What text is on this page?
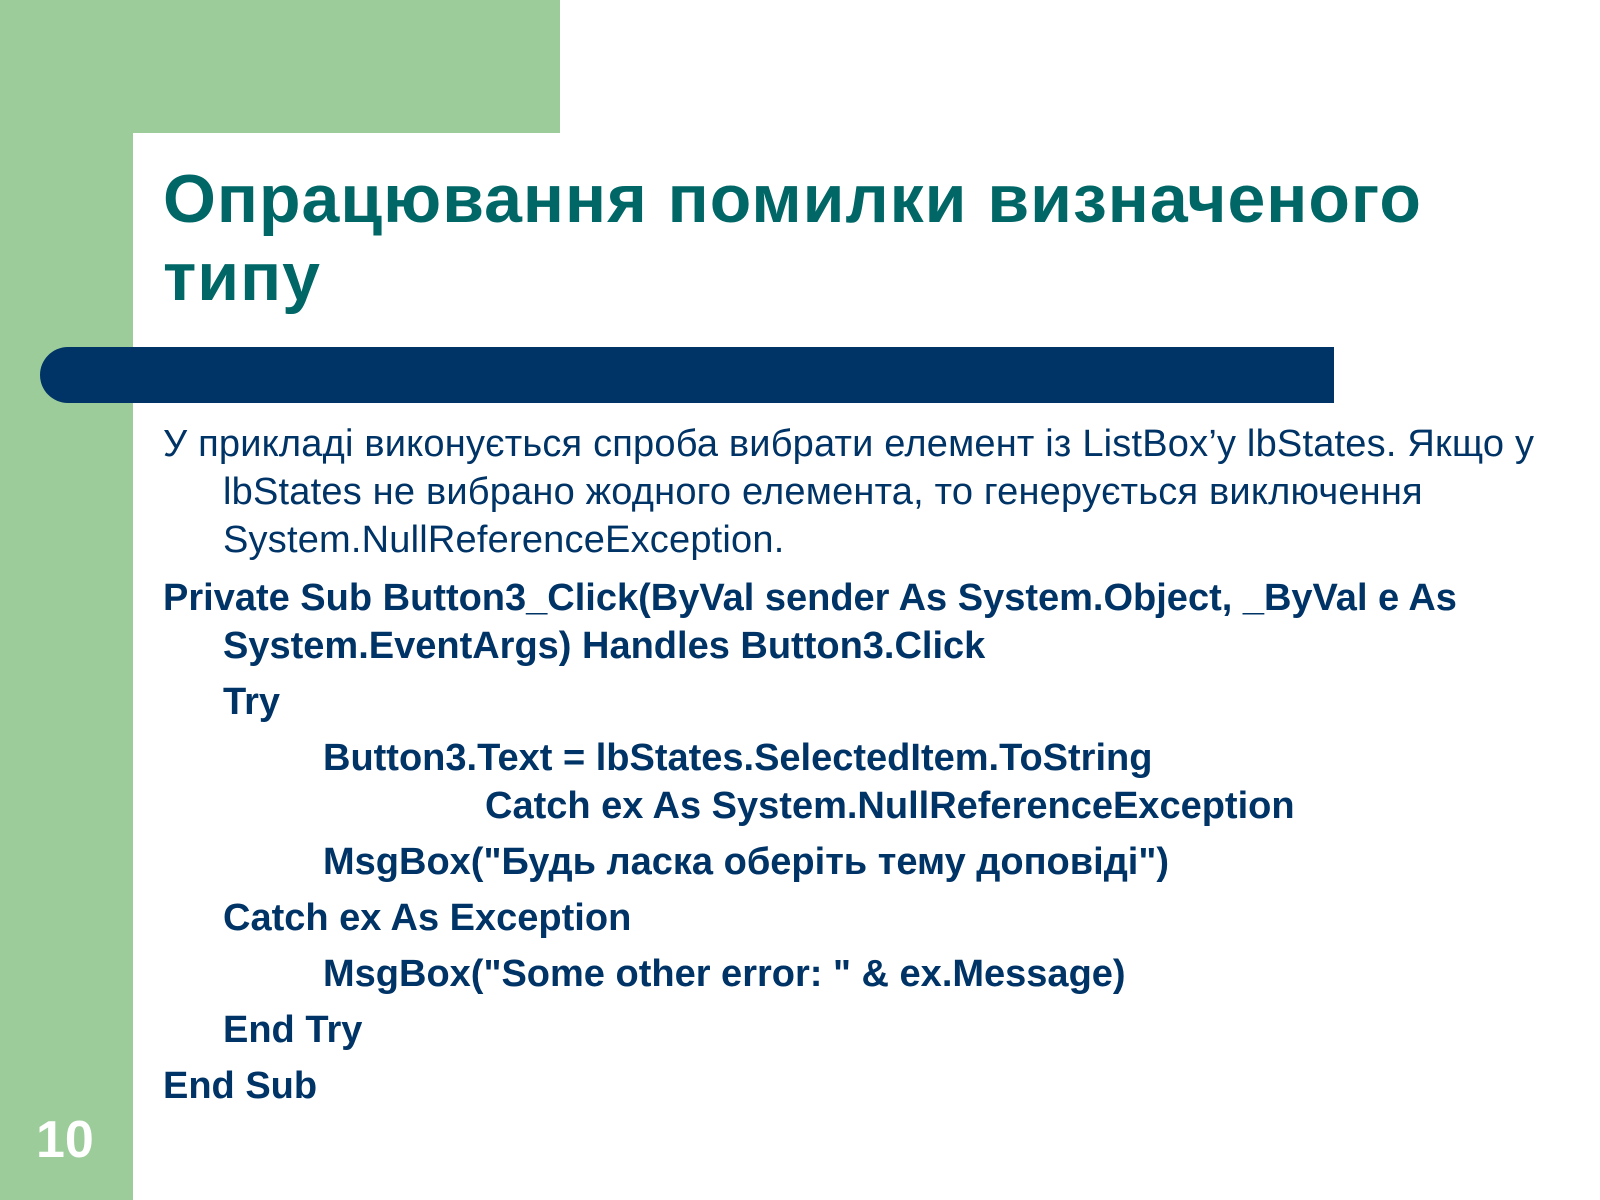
Опрацювання помилки визначеного типу

У прикладі виконується спроба вибрати елемент із ListBox’y lbStates. Якщо у lbStates не вибрано жодного елемента, то генерується виключення System.NullReferenceException.

Private Sub Button3_Click(ByVal sender As System.Object, _ByVal e As System.EventArgs) Handles Button3.Click
Try
Button3.Text = lbStates.SelectedItem.ToString
Catch ex As System.NullReferenceException
MsgBox("Будь ласка оберіть тему доповіді")
Catch ex As Exception
MsgBox("Some other error: " & ex.Message)
End Try
End Sub
10
